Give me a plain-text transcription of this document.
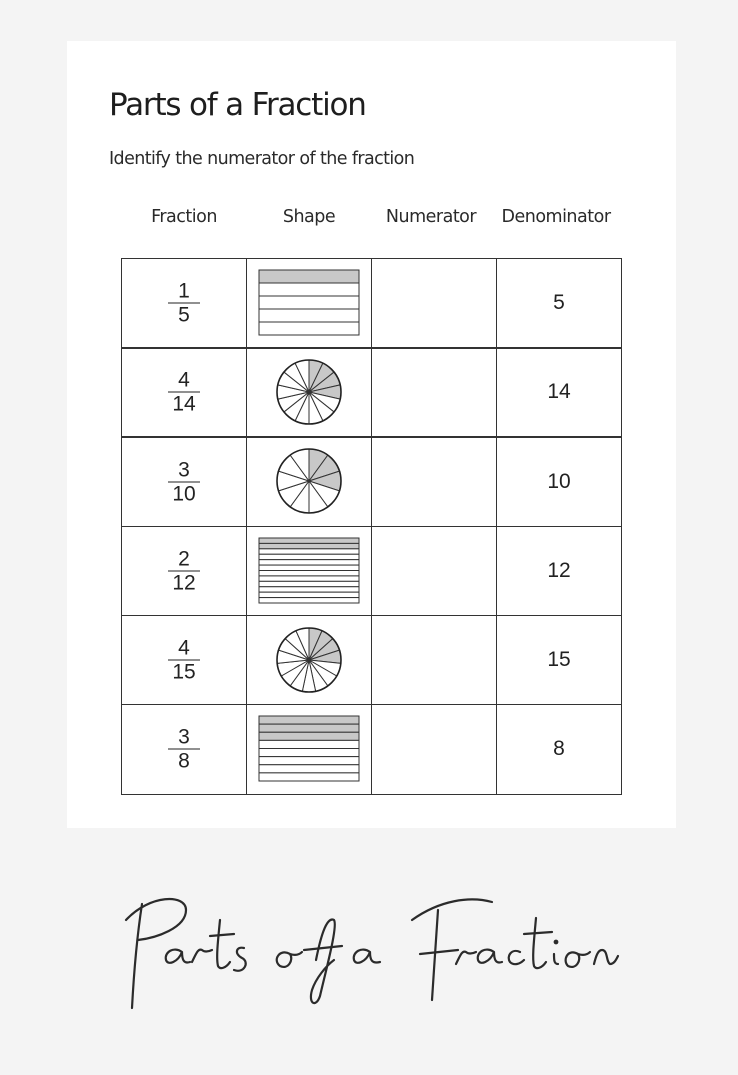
Parts of a Fraction
Identify the numerator of the fraction
Fraction	Shape	Numerator Denominator
1
5
5
4
14
14
3
10
10
2
12
12
4
15
15
3
8
8
